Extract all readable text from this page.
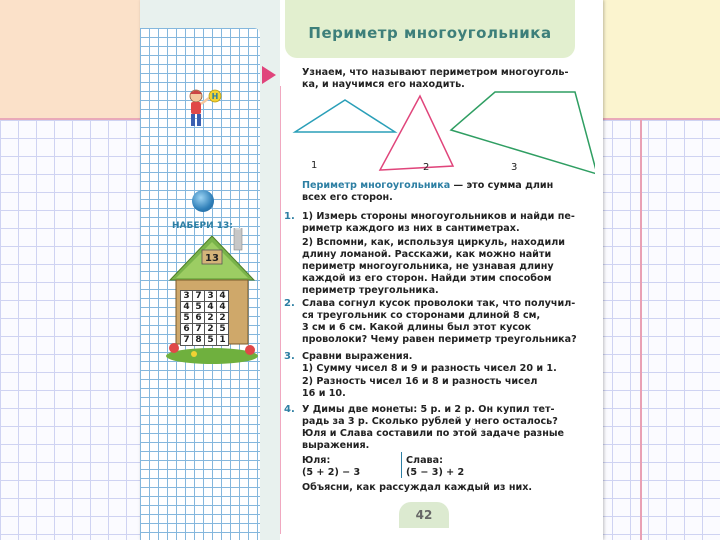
Н
НАБЕРИ 13:
13
3	7	3	4
4	5	4	4
5	6	2	2
6	7	2	5
7	8	5	1
Периметр многоугольника
Узнаем, что называют периметром многоуголь-
ка, и научимся его находить.
1	2	3
Периметр многоугольника — это сумма длин
всех его сторон.
1. 1) Измерь стороны многоугольников и найди пе-
риметр каждого из них в сантиметрах.
2) Вспомни, как, используя циркуль, находили
длину ломаной. Расскажи, как можно найти
периметр многоугольника, не узнавая длину
каждой из его сторон. Найди этим способом
периметр треугольника.
2. Слава согнул кусок проволоки так, что получил-
ся треугольник со сторонами длиной 8 см,
3 см и 6 см. Какой длины был этот кусок
проволоки? Чему равен периметр треугольника?
3. Сравни выражения.
1) Сумму чисел 8 и 9 и разность чисел 20 и 1.
2) Разность чисел 16 и 8 и разность чисел
16 и 10.
4. У Димы две монеты: 5 р. и 2 р. Он купил тет-
радь за 3 р. Сколько рублей у него осталось?
Юля и Слава составили по этой задаче разные
выражения.
Юля:
(5 + 2) − 3
Слава:
(5 − 3) + 2
Объясни, как рассуждал каждый из них.
42
